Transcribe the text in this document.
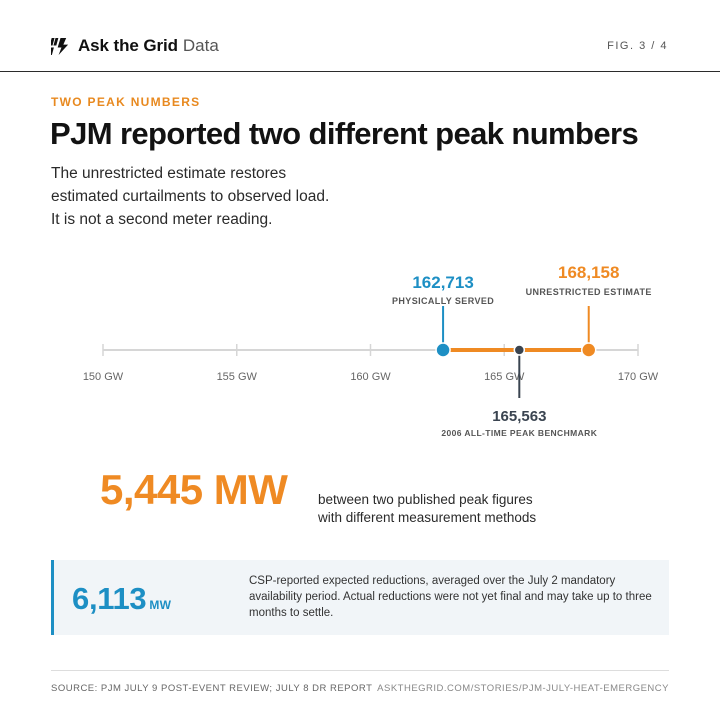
Ask the Grid Data	FIG. 3 / 4
TWO PEAK NUMBERS
PJM reported two different peak numbers
The unrestricted estimate restores
estimated curtailments to observed load.
It is not a second meter reading.
150 GW	155 GW	160 GW	165 GW	170 GW
162,713
PHYSICALLY SERVED
168,158
UNRESTRICTED ESTIMATE
165,563
2006 ALL-TIME PEAK BENCHMARK
5,445 MW between two published peak figures with different measurement methods
6,113 MW
CSP-reported expected reductions, averaged over the July 2 mandatory availability period. Actual reductions were not yet final and may take up to three months to settle.
SOURCE: PJM JULY 9 POST-EVENT REVIEW; JULY 8 DR REPORT ASKTHEGRID.COM/STORIES/PJM-JULY-HEAT-EMERGENCY
